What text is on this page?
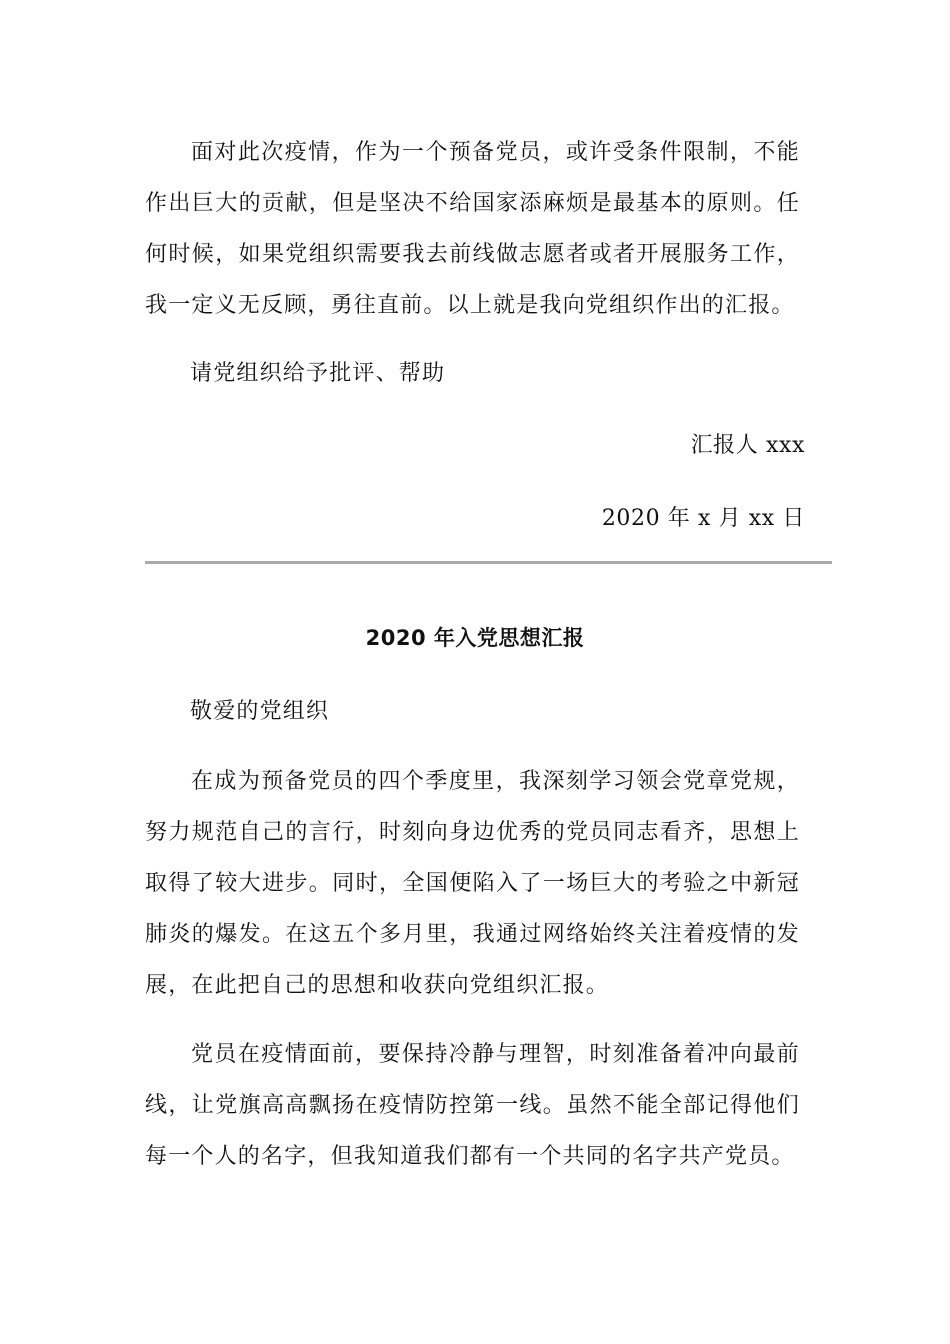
面对此次疫情，作为一个预备党员，或许受条件限制，不能作出巨大的贡献，但是坚决不给国家添麻烦是最基本的原则。任何时候，如果党组织需要我去前线做志愿者或者开展服务工作，我一定义无反顾，勇往直前。以上就是我向党组织作出的汇报。

请党组织给予批评、帮助
汇报人 xxx
2020 年 x 月 xx 日
2020 年入党思想汇报
敬爱的党组织

在成为预备党员的四个季度里，我深刻学习领会党章党规，努力规范自己的言行，时刻向身边优秀的党员同志看齐，思想上取得了较大进步。同时，全国便陷入了一场巨大的考验之中新冠肺炎的爆发。在这五个多月里，我通过网络始终关注着疫情的发展，在此把自己的思想和收获向党组织汇报。

党员在疫情面前，要保持冷静与理智，时刻准备着冲向最前线，让党旗高高飘扬在疫情防控第一线。虽然不能全部记得他们每一个人的名字，但我知道我们都有一个共同的名字共产党员。
